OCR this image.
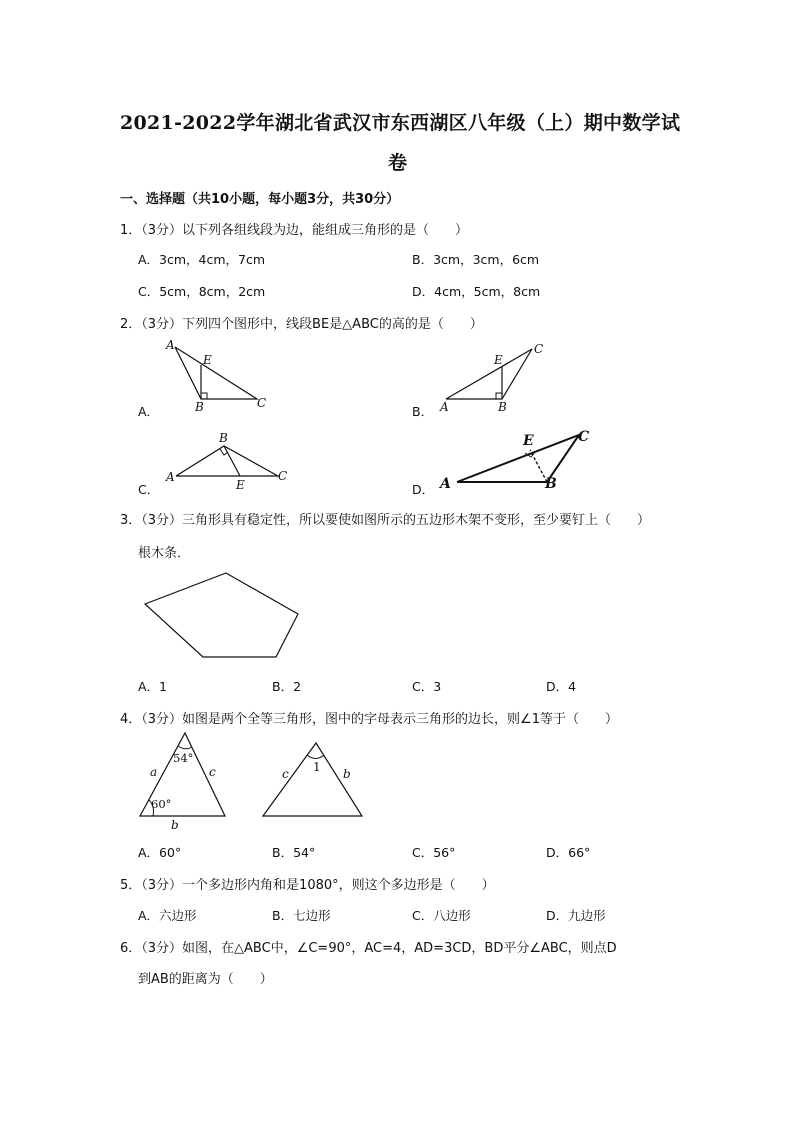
2021-2022学年湖北省武汉市东西湖区八年级（上）期中数学试
卷
一、选择题（共10小题，每小题3分，共30分）
1．（3分）以下列各组线段为边，能组成三角形的是（　　）
A．3cm，4cm，7cm	B．3cm，3cm，6cm
C．5cm，8cm，2cm	D．4cm，5cm，8cm
2．（3分）下列四个图形中，线段BE是△ABC的高的是（　　）
A．
A
E
B	C
B． A
E
B
C
C．
A
B
E
C
D． A
E
B
C
3．（3分）三角形具有稳定性，所以要使如图所示的五边形木架不变形，至少要钉上（　　）
根木条．
A．1	B．2	C．3	D．4
4．（3分）如图是两个全等三角形，图中的字母表示三角形的边长，则∠1等于（　　）
54°
60°
a	c
b
1
c	b
A．60°	B．54°	C．56°	D．66°
5．（3分）一个多边形内角和是1080°，则这个多边形是（　　）
A．六边形	B．七边形	C．八边形	D．九边形
6．（3分）如图，在△ABC中，∠C=90°，AC=4，AD=3CD，BD平分∠ABC，则点D
到AB的距离为（　　）
